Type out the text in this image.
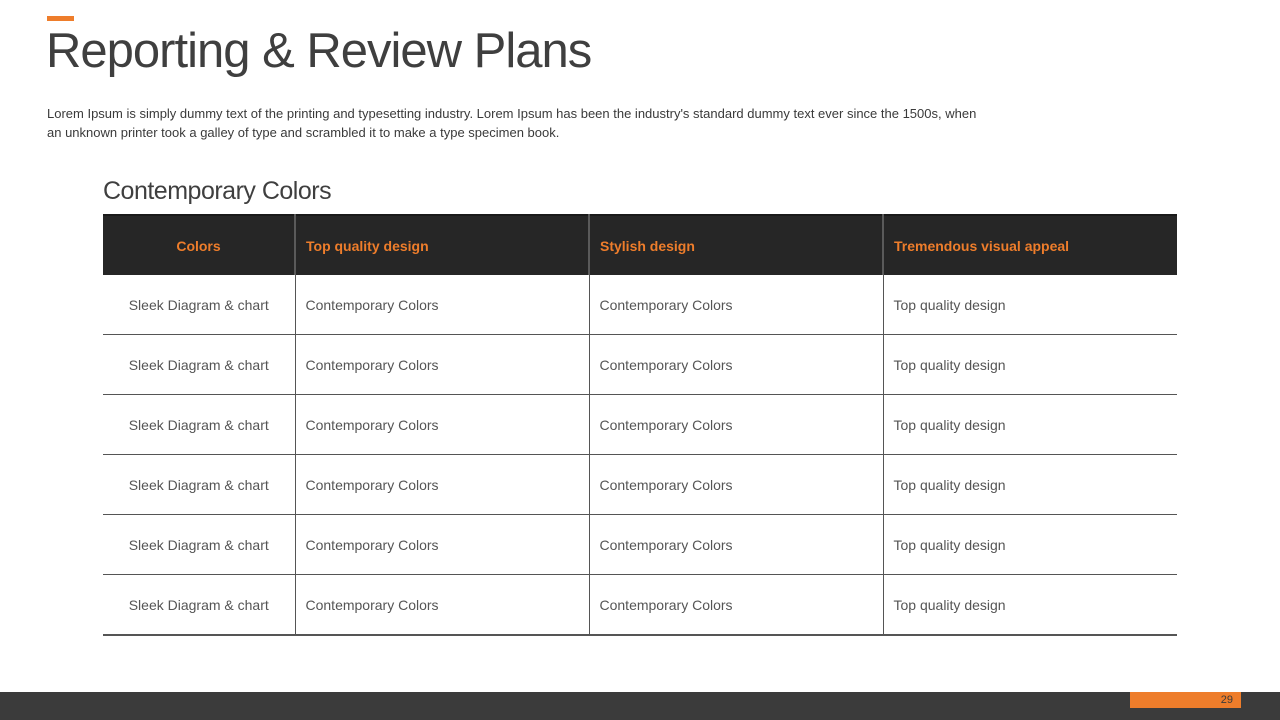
Reporting & Review Plans

Lorem Ipsum is simply dummy text of the printing and typesetting industry. Lorem Ipsum has been the industry's standard dummy text ever since the 1500s, when an unknown printer took a galley of type and scrambled it to make a type specimen book.

Contemporary Colors
Colors	Top quality design	Stylish design	Tremendous visual appeal
Sleek Diagram & chart	Contemporary Colors	Contemporary Colors	Top quality design
Sleek Diagram & chart	Contemporary Colors	Contemporary Colors	Top quality design
Sleek Diagram & chart	Contemporary Colors	Contemporary Colors	Top quality design
Sleek Diagram & chart	Contemporary Colors	Contemporary Colors	Top quality design
Sleek Diagram & chart	Contemporary Colors	Contemporary Colors	Top quality design
Sleek Diagram & chart	Contemporary Colors	Contemporary Colors	Top quality design
29
